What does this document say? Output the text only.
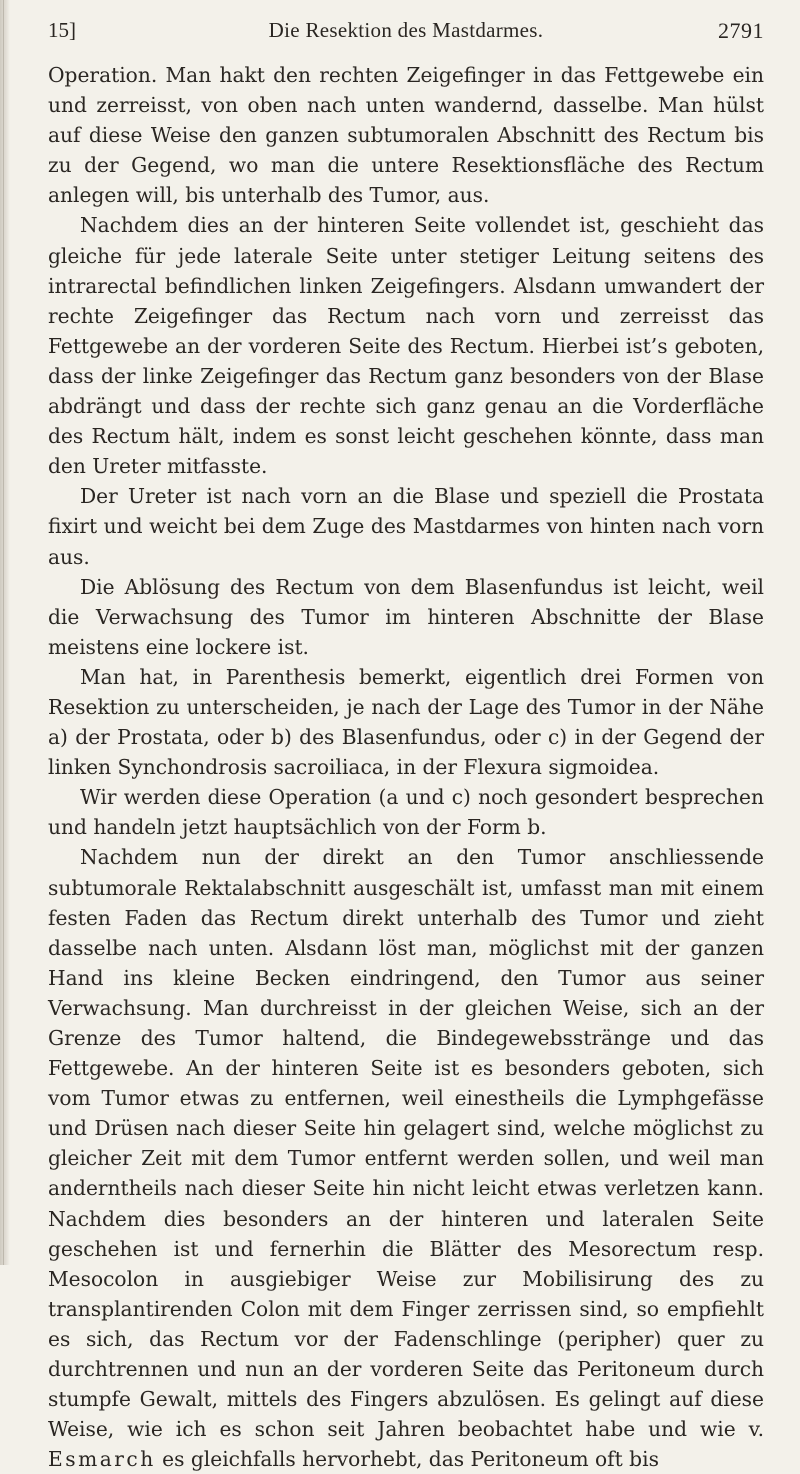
15]	Die Resektion des Mastdarmes.	2791

Operation. Man hakt den rechten Zeigefinger in das Fettgewebe ein und zerreisst, von oben nach unten wandernd, dasselbe. Man hülst auf diese Weise den ganzen subtumoralen Abschnitt des Rectum bis zu der Gegend, wo man die untere Resektionsfläche des Rectum anlegen will, bis unterhalb des Tumor, aus.

Nachdem dies an der hinteren Seite vollendet ist, geschieht das gleiche für jede laterale Seite unter stetiger Leitung seitens des intrarectal befindlichen linken Zeigefingers. Alsdann umwandert der rechte Zeigefinger das Rectum nach vorn und zerreisst das Fettgewebe an der vorderen Seite des Rectum. Hierbei ist’s geboten, dass der linke Zeigefinger das Rectum ganz besonders von der Blase abdrängt und dass der rechte sich ganz genau an die Vorderfläche des Rectum hält, indem es sonst leicht geschehen könnte, dass man den Ureter mitfasste.

Der Ureter ist nach vorn an die Blase und speziell die Prostata fixirt und weicht bei dem Zuge des Mastdarmes von hinten nach vorn aus.

Die Ablösung des Rectum von dem Blasenfundus ist leicht, weil die Verwachsung des Tumor im hinteren Abschnitte der Blase meistens eine lockere ist.

Man hat, in Parenthesis bemerkt, eigentlich drei Formen von Resektion zu unterscheiden, je nach der Lage des Tumor in der Nähe a) der Prostata, oder b) des Blasenfundus, oder c) in der Gegend der linken Synchondrosis sacroiliaca, in der Flexura sigmoidea.

Wir werden diese Operation (a und c) noch gesondert besprechen und handeln jetzt hauptsächlich von der Form b.

Nachdem nun der direkt an den Tumor anschliessende subtumorale Rektalabschnitt ausgeschält ist, umfasst man mit einem festen Faden das Rectum direkt unterhalb des Tumor und zieht dasselbe nach unten. Alsdann löst man, möglichst mit der ganzen Hand ins kleine Becken eindringend, den Tumor aus seiner Verwachsung. Man durchreisst in der gleichen Weise, sich an der Grenze des Tumor haltend, die Bindegewebsstränge und das Fettgewebe. An der hinteren Seite ist es besonders geboten, sich vom Tumor etwas zu entfernen, weil einestheils die Lymphgefässe und Drüsen nach dieser Seite hin gelagert sind, welche möglichst zu gleicher Zeit mit dem Tumor entfernt werden sollen, und weil man anderntheils nach dieser Seite hin nicht leicht etwas verletzen kann. Nachdem dies besonders an der hinteren und lateralen Seite geschehen ist und fernerhin die Blätter des Mesorectum resp. Mesocolon in ausgiebiger Weise zur Mobilisirung des zu transplantirenden Colon mit dem Finger zerrissen sind, so empfiehlt es sich, das Rectum vor der Fadenschlinge (peripher) quer zu durchtrennen und nun an der vorderen Seite das Peritoneum durch stumpfe Gewalt, mittels des Fingers abzulösen. Es gelingt auf diese Weise, wie ich es schon seit Jahren beobachtet habe und wie v. Esmarch es gleichfalls hervorhebt, das Peritoneum oft bis
